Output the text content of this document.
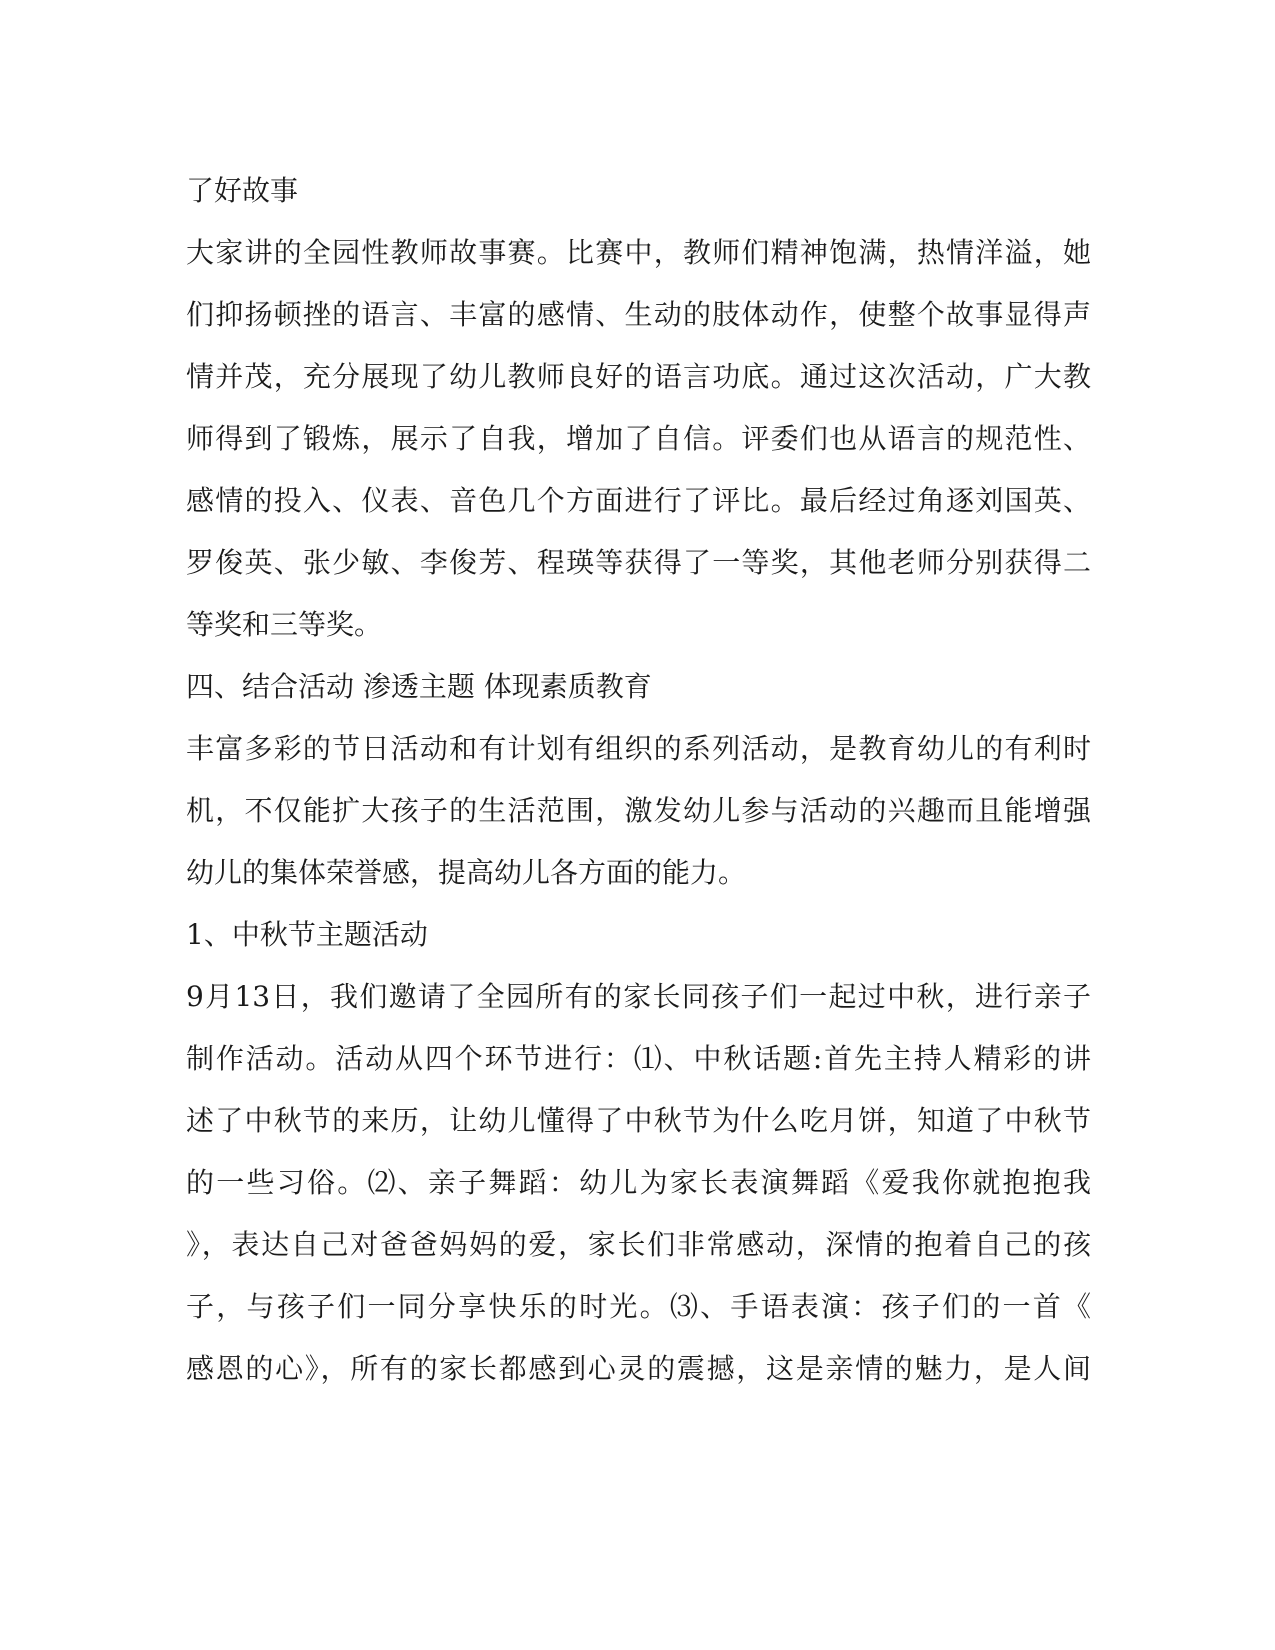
了好故事

大家讲的全园性教师故事赛。比赛中，教师们精神饱满，热情洋溢，她

们抑扬顿挫的语言、丰富的感情、生动的肢体动作，使整个故事显得声

情并茂，充分展现了幼儿教师良好的语言功底。通过这次活动，广大教

师得到了锻炼，展示了自我，增加了自信。评委们也从语言的规范性、

感情的投入、仪表、音色几个方面进行了评比。最后经过角逐刘国英、

罗俊英、张少敏、李俊芳、程瑛等获得了一等奖，其他老师分别获得二

等奖和三等奖。

四、结合活动 渗透主题 体现素质教育

丰富多彩的节日活动和有计划有组织的系列活动，是教育幼儿的有利时

机，不仅能扩大孩子的生活范围，激发幼儿参与活动的兴趣而且能增强

幼儿的集体荣誉感，提高幼儿各方面的能力。

1、中秋节主题活动

9月13日，我们邀请了全园所有的家长同孩子们一起过中秋，进行亲子

制作活动。活动从四个环节进行：⑴、中秋话题:首先主持人精彩的讲

述了中秋节的来历，让幼儿懂得了中秋节为什么吃月饼，知道了中秋节

的一些习俗。⑵、亲子舞蹈：幼儿为家长表演舞蹈《爱我你就抱抱我

》，表达自己对爸爸妈妈的爱，家长们非常感动，深情的抱着自己的孩

子，与孩子们一同分享快乐的时光。⑶、手语表演：孩子们的一首《

感恩的心》，所有的家长都感到心灵的震撼，这是亲情的魅力，是人间
